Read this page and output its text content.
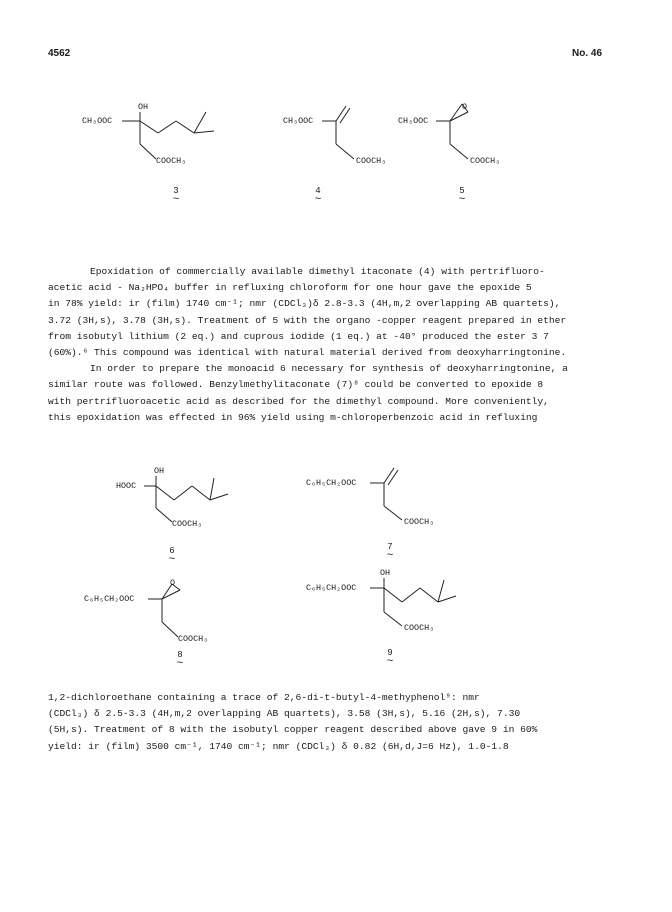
4562	No. 46
CH₃OOC
OH
COOCH₃
3
~
CH₃OOC
COOCH₃
4
~
CH₃OOC
O
COOCH₃
5
~
Epoxidation of commercially available dimethyl itaconate (4) with pertrifluoro-
acetic acid - Na₂HPO₄ buffer in refluxing chloroform for one hour gave the epoxide 5
in 78% yield: ir (film) 1740 cm⁻¹; nmr (CDCl₃)δ 2.8-3.3 (4H,m,2 overlapping AB quartets),
3.72 (3H,s), 3.78 (3H,s). Treatment of 5 with the organo -copper reagent prepared in ether
from isobutyl lithium (2 eq.) and cuprous iodide (1 eq.) at -40° produced the ester 3 7
(60%).⁶ This compound was identical with natural material derived from deoxyharringtonine.
In order to prepare the monoacid 6 necessary for synthesis of deoxyharringtonine, a
similar route was followed. Benzylmethylitaconate (7)⁸ could be converted to epoxide 8
with pertrifluoroacetic acid as described for the dimethyl compound. More conveniently,
this epoxidation was effected in 96% yield using m-chloroperbenzoic acid in refluxing
HOOC
OH
COOCH₃
6
~
C₆H₅CH₂OOC
COOCH₃
7
~
C₆H₅CH₂OOC
O
COOCH₃
8
~
C₆H₅CH₂OOC
OH
COOCH₃
9
~
1,2-dichloroethane containing a trace of 2,6-di-t-butyl-4-methyphenol⁹: nmr
(CDCl₃) δ 2.5-3.3 (4H,m,2 overlapping AB quartets), 3.58 (3H,s), 5.16 (2H,s), 7.30
(5H,s). Treatment of 8 with the isobutyl copper reagent described above gave 9 in 60%
yield: ir (film) 3500 cm⁻¹, 1740 cm⁻¹; nmr (CDCl₃) δ 0.82 (6H,d,J=6 Hz), 1.0-1.8
